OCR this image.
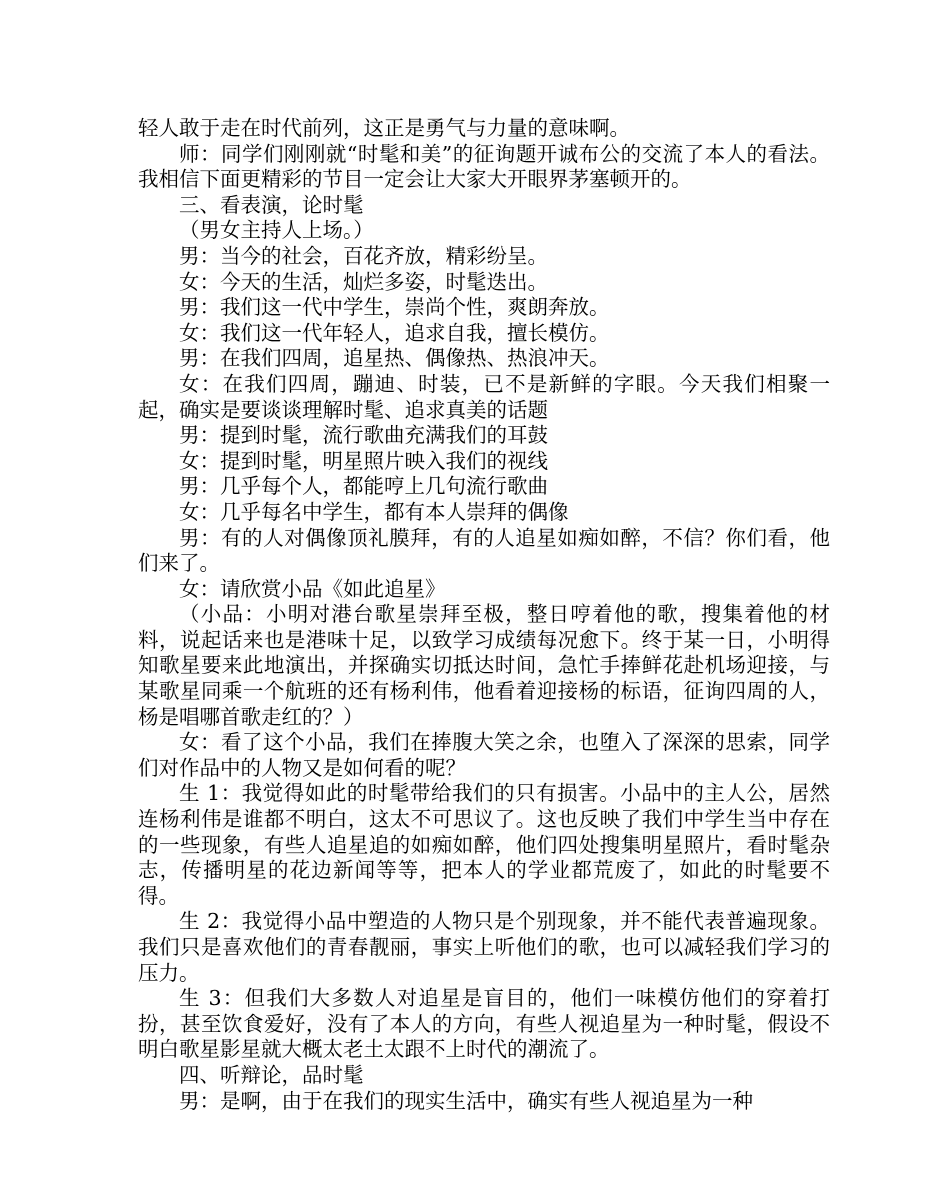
轻人敢于走在时代前列，这正是勇气与力量的意味啊。

师：同学们刚刚就“时髦和美”的征询题开诚布公的交流了本人的看法。我相信下面更精彩的节目一定会让大家大开眼界茅塞顿开的。

三、看表演，论时髦

（男女主持人上场。）

男：当今的社会，百花齐放，精彩纷呈。

女：今天的生活，灿烂多姿，时髦迭出。

男：我们这一代中学生，崇尚个性，爽朗奔放。

女：我们这一代年轻人，追求自我，擅长模仿。

男：在我们四周，追星热、偶像热、热浪冲天。

女：在我们四周，蹦迪、时装，已不是新鲜的字眼。今天我们相聚一起，确实是要谈谈理解时髦、追求真美的话题

男：提到时髦，流行歌曲充满我们的耳鼓

女：提到时髦，明星照片映入我们的视线

男：几乎每个人，都能哼上几句流行歌曲

女：几乎每名中学生，都有本人崇拜的偶像

男：有的人对偶像顶礼膜拜，有的人追星如痴如醉，不信？你们看，他们来了。

女：请欣赏小品《如此追星》

（小品：小明对港台歌星崇拜至极，整日哼着他的歌，搜集着他的材料，说起话来也是港味十足，以致学习成绩每况愈下。终于某一日，小明得知歌星要来此地演出，并探确实切抵达时间，急忙手捧鲜花赴机场迎接，与某歌星同乘一个航班的还有杨利伟，他看着迎接杨的标语，征询四周的人，杨是唱哪首歌走红的？）

女：看了这个小品，我们在捧腹大笑之余，也堕入了深深的思索，同学们对作品中的人物又是如何看的呢？

生 1：我觉得如此的时髦带给我们的只有损害。小品中的主人公，居然连杨利伟是谁都不明白，这太不可思议了。这也反映了我们中学生当中存在的一些现象，有些人追星追的如痴如醉，他们四处搜集明星照片，看时髦杂志，传播明星的花边新闻等等，把本人的学业都荒废了，如此的时髦要不得。

生 2：我觉得小品中塑造的人物只是个别现象，并不能代表普遍现象。我们只是喜欢他们的青春靓丽，事实上听他们的歌，也可以减轻我们学习的压力。

生 3：但我们大多数人对追星是盲目的，他们一味模仿他们的穿着打扮，甚至饮食爱好，没有了本人的方向，有些人视追星为一种时髦，假设不明白歌星影星就大概太老土太跟不上时代的潮流了。

四、听辩论，品时髦

男：是啊，由于在我们的现实生活中，确实有些人视追星为一种
